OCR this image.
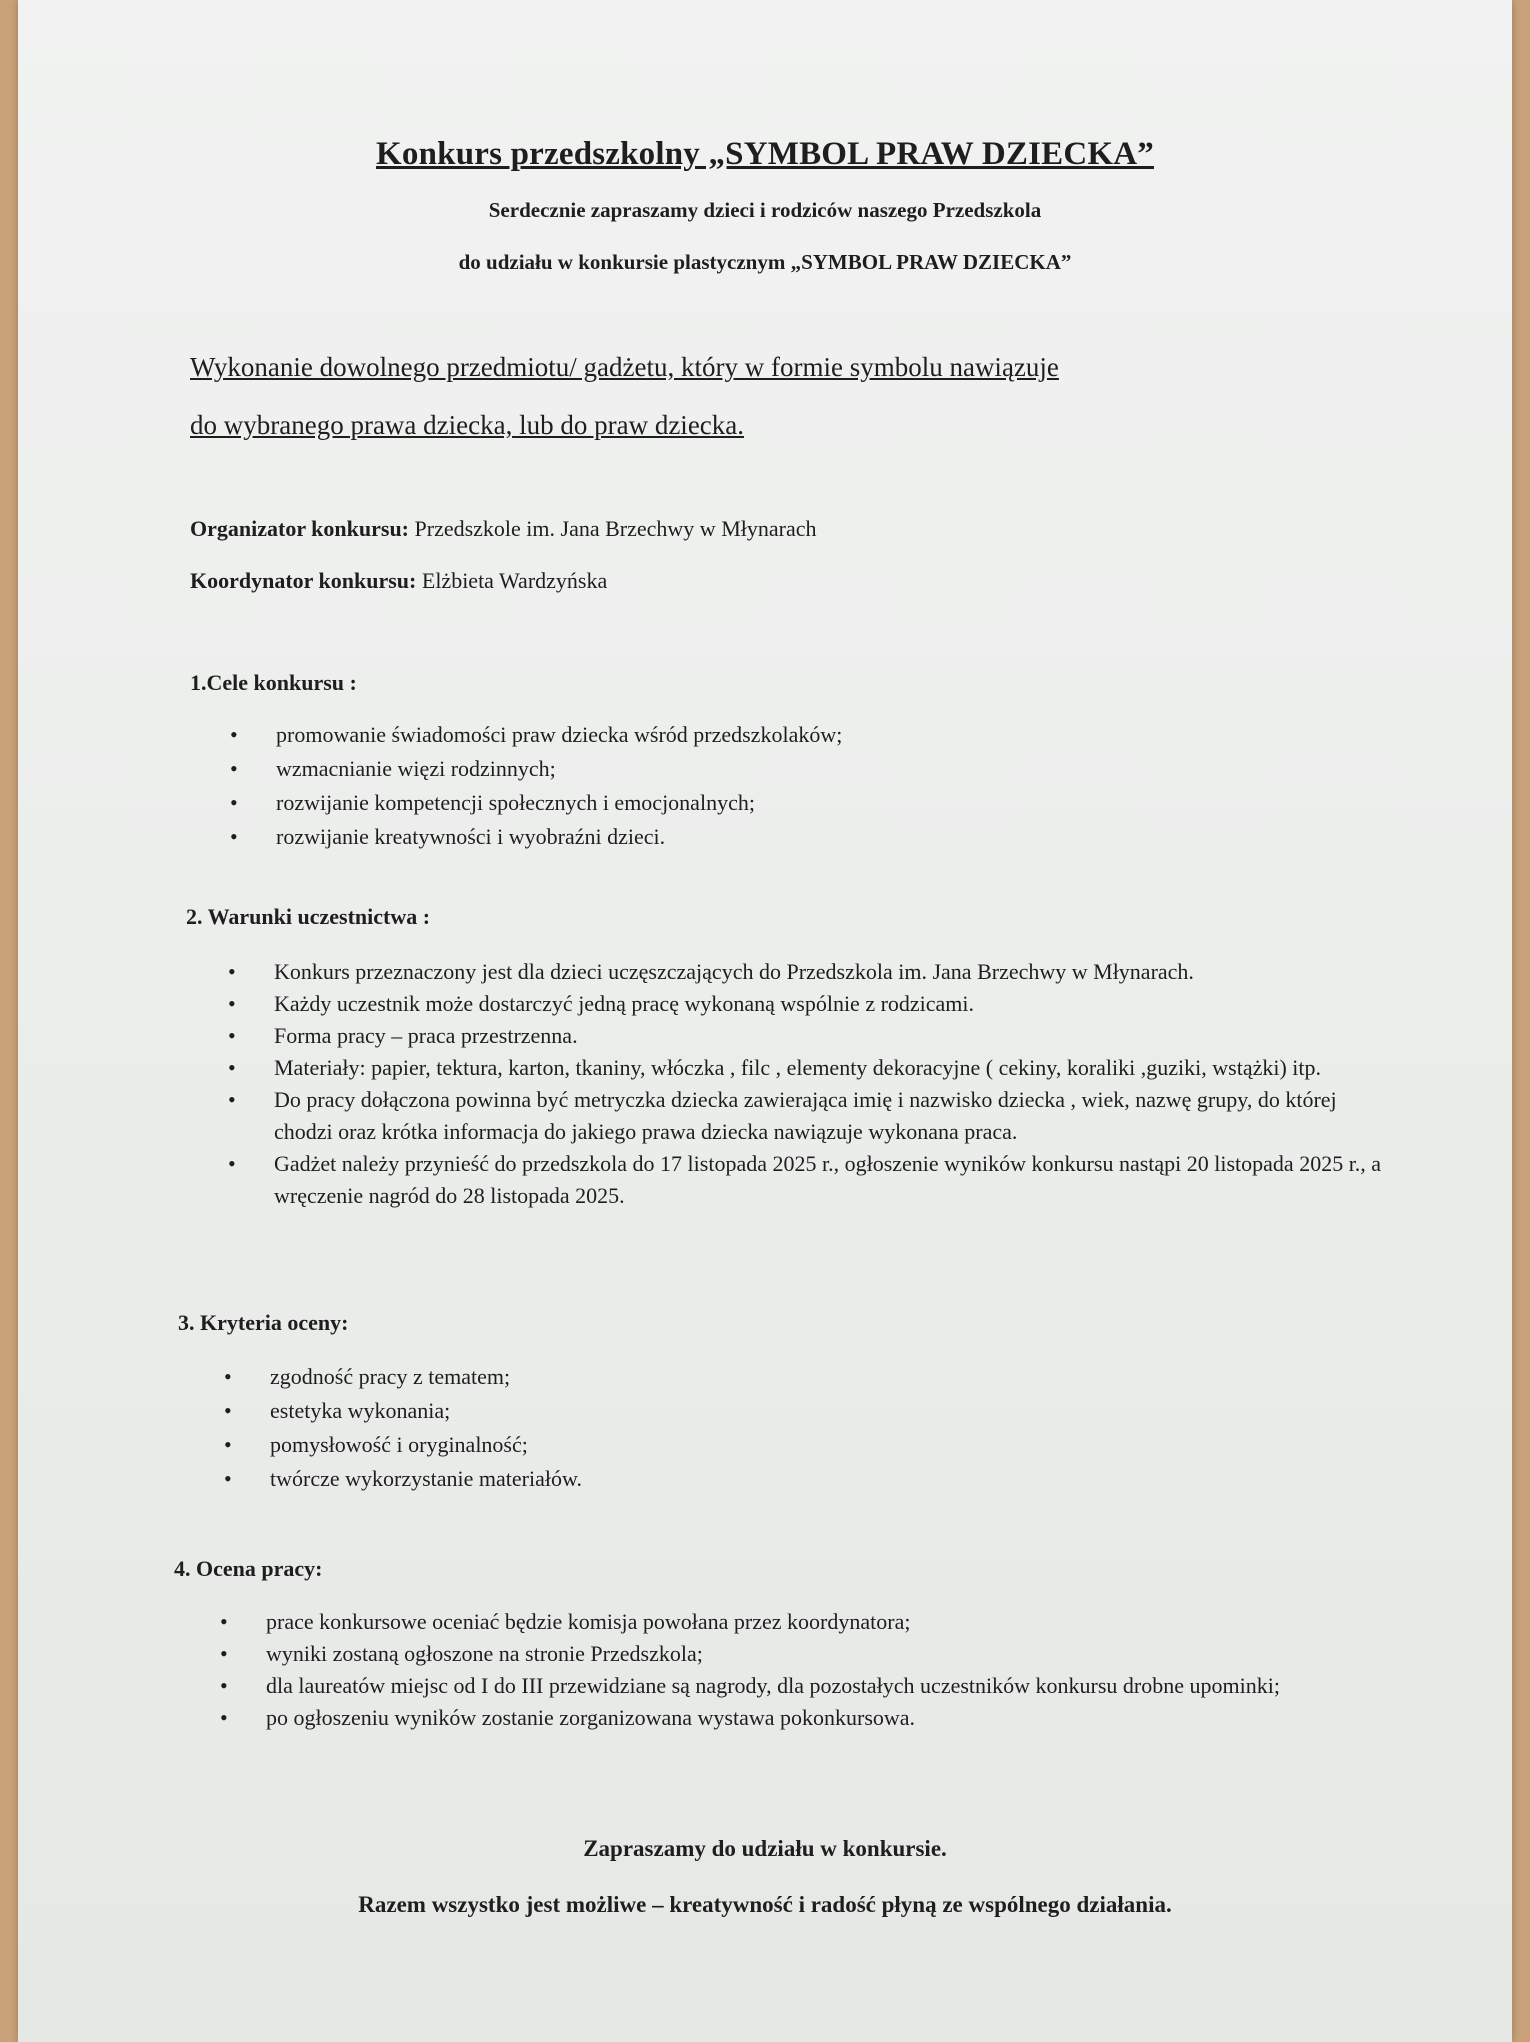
Konkurs przedszkolny „SYMBOL PRAW DZIECKA”
Serdecznie zapraszamy dzieci i rodziców naszego Przedszkola
do udziału w konkursie plastycznym „SYMBOL PRAW DZIECKA”
Wykonanie dowolnego przedmiotu/ gadżetu, który w formie symbolu nawiązuje
do wybranego prawa dziecka, lub do praw dziecka.
Organizator konkursu: Przedszkole im. Jana Brzechwy w Młynarach
Koordynator konkursu: Elżbieta Wardzyńska
1.Cele konkursu :
• promowanie świadomości praw dziecka wśród przedszkolaków;
• wzmacnianie więzi rodzinnych;
• rozwijanie kompetencji społecznych i emocjonalnych;
• rozwijanie kreatywności i wyobraźni dzieci.
2. Warunki uczestnictwa :
• Konkurs przeznaczony jest dla dzieci uczęszczających do Przedszkola im. Jana Brzechwy w Młynarach.
• Każdy uczestnik może dostarczyć jedną pracę wykonaną wspólnie z rodzicami.
• Forma pracy – praca przestrzenna.
• Materiały: papier, tektura, karton, tkaniny, włóczka , filc , elementy dekoracyjne ( cekiny, koraliki ,guziki, wstążki) itp.
• Do pracy dołączona powinna być metryczka dziecka zawierająca imię i nazwisko dziecka , wiek, nazwę grupy, do której chodzi oraz krótka informacja do jakiego prawa dziecka nawiązuje wykonana praca.
• Gadżet należy przynieść do przedszkola do 17 listopada 2025 r., ogłoszenie wyników konkursu nastąpi 20 listopada 2025 r., a wręczenie nagród do 28 listopada 2025.
3. Kryteria oceny:
• zgodność pracy z tematem;
• estetyka wykonania;
• pomysłowość i oryginalność;
• twórcze wykorzystanie materiałów.
4. Ocena pracy:
• prace konkursowe oceniać będzie komisja powołana przez koordynatora;
• wyniki zostaną ogłoszone na stronie Przedszkola;
• dla laureatów miejsc od I do III przewidziane są nagrody, dla pozostałych uczestników konkursu drobne upominki;
• po ogłoszeniu wyników zostanie zorganizowana wystawa pokonkursowa.
Zapraszamy do udziału w konkursie.
Razem wszystko jest możliwe – kreatywność i radość płyną ze wspólnego działania.
